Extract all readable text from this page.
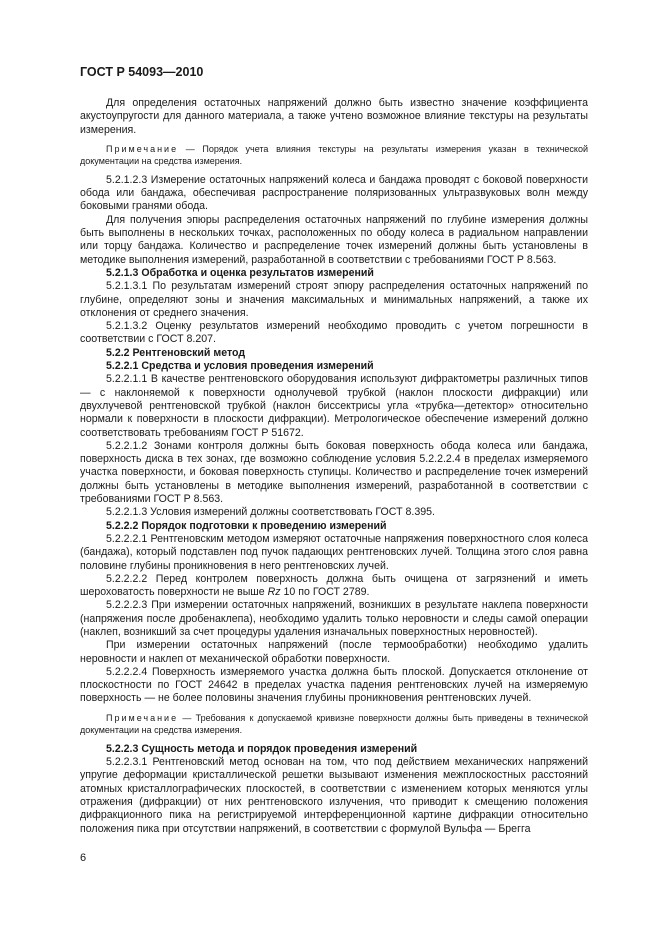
ГОСТ Р 54093—2010

Для определения остаточных напряжений должно быть известно значение коэффициента акустоупругости для данного материала, а также учтено возможное влияние текстуры на результаты измерения.

Примечание — Порядок учета влияния текстуры на результаты измерения указан в технической документации на средства измерения.

5.2.1.2.3 Измерение остаточных напряжений колеса и бандажа проводят с боковой поверхности обода или бандажа, обеспечивая распространение поляризованных ультразвуковых волн между боковыми гранями обода.

Для получения эпюры распределения остаточных напряжений по глубине измерения должны быть выполнены в нескольких точках, расположенных по ободу колеса в радиальном направлении или торцу бандажа. Количество и распределение точек измерений должны быть установлены в методике выполнения измерений, разработанной в соответствии с требованиями ГОСТ Р 8.563.

5.2.1.3 Обработка и оценка результатов измерений

5.2.1.3.1 По результатам измерений строят эпюру распределения остаточных напряжений по глубине, определяют зоны и значения максимальных и минимальных напряжений, а также их отклонения от среднего значения.

5.2.1.3.2 Оценку результатов измерений необходимо проводить с учетом погрешности в соответствии с ГОСТ 8.207.

5.2.2 Рентгеновский метод

5.2.2.1 Средства и условия проведения измерений

5.2.2.1.1 В качестве рентгеновского оборудования используют дифрактометры различных типов — с наклоняемой к поверхности однолучевой трубкой (наклон плоскости дифракции) или двухлучевой рентгеновской трубкой (наклон биссектрисы угла «трубка—детектор» относительно нормали к поверхности в плоскости дифракции). Метрологическое обеспечение измерений должно соответствовать требованиям ГОСТ Р 51672.

5.2.2.1.2 Зонами контроля должны быть боковая поверхность обода колеса или бандажа, поверхность диска в тех зонах, где возможно соблюдение условия 5.2.2.2.4 в пределах измеряемого участка поверхности, и боковая поверхность ступицы. Количество и распределение точек измерений должны быть установлены в методике выполнения измерений, разработанной в соответствии с требованиями ГОСТ Р 8.563.

5.2.2.1.3 Условия измерений должны соответствовать ГОСТ 8.395.

5.2.2.2 Порядок подготовки к проведению измерений

5.2.2.2.1 Рентгеновским методом измеряют остаточные напряжения поверхностного слоя колеса (бандажа), который подставлен под пучок падающих рентгеновских лучей. Толщина этого слоя равна половине глубины проникновения в него рентгеновских лучей.

5.2.2.2.2 Перед контролем поверхность должна быть очищена от загрязнений и иметь шероховатость поверхности не выше Rz 10 по ГОСТ 2789.

5.2.2.2.3 При измерении остаточных напряжений, возникших в результате наклепа поверхности (напряжения после дробенаклепа), необходимо удалить только неровности и следы самой операции (наклеп, возникший за счет процедуры удаления изначальных поверхностных неровностей).

При измерении остаточных напряжений (после термообработки) необходимо удалить неровности и наклеп от механической обработки поверхности.

5.2.2.2.4 Поверхность измеряемого участка должна быть плоской. Допускается отклонение от плоскостности по ГОСТ 24642 в пределах участка падения рентгеновских лучей на измеряемую поверхность — не более половины значения глубины проникновения рентгеновских лучей.

Примечание — Требования к допускаемой кривизне поверхности должны быть приведены в технической документации на средства измерения.

5.2.2.3 Сущность метода и порядок проведения измерений

5.2.2.3.1 Рентгеновский метод основан на том, что под действием механических напряжений упругие деформации кристаллической решетки вызывают изменения межплоскостных расстояний атомных кристаллографических плоскостей, в соответствии с изменением которых меняются углы отражения (дифракции) от них рентгеновского излучения, что приводит к смещению положения дифракционного пика на регистрируемой интерференционной картине дифракции относительно положения пика при отсутствии напряжений, в соответствии с формулой Вульфа — Брегга

6
